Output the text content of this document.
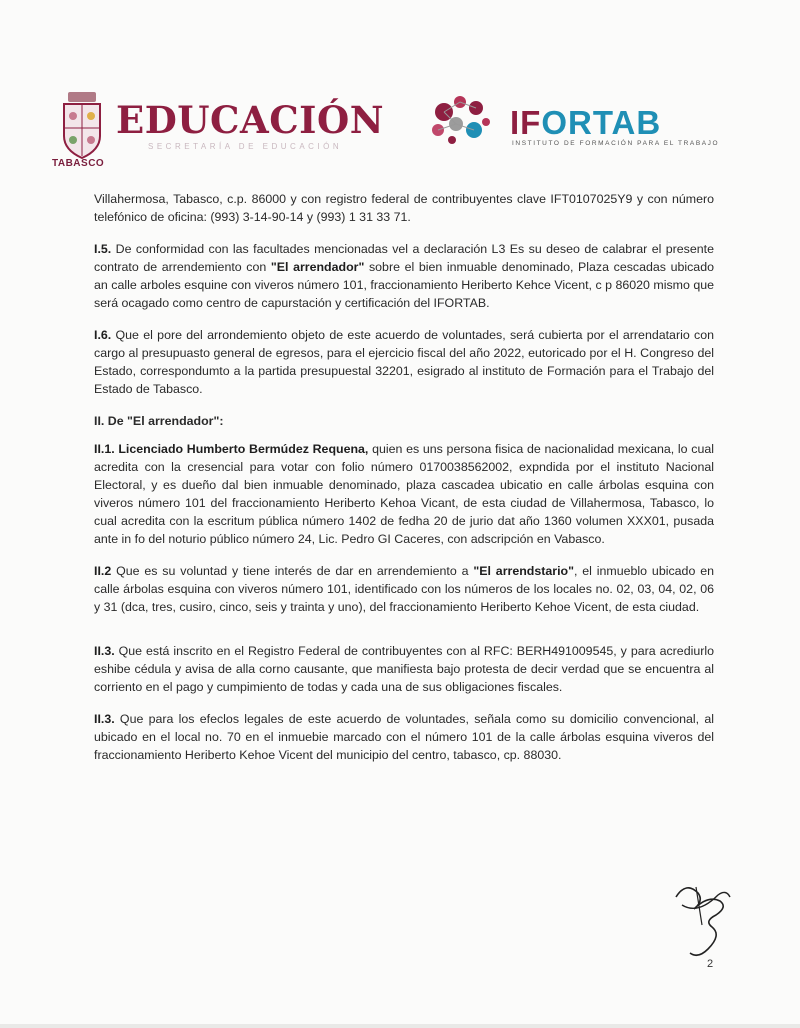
TABASCO
EDUCACIÓN
SECRETARÍA DE EDUCACIÓN
IFORTAB
INSTITUTO DE FORMACIÓN PARA EL TRABAJO

Villahermosa, Tabasco, c.p. 86000 y con registro federal de contribuyentes clave IFT0107025Y9 y con número telefónico de oficina: (993) 3-14-90-14 y (993) 1 31 33 71.

I.5. De conformidad con las facultades mencionadas vel a declaración L3 Es su deseo de calabrar el presente contrato de arrendemiento con "El arrendador" sobre el bien inmuable denominado, Plaza cescadas ubicado an calle arboles esquine con viveros número 101, fraccionamiento Heriberto Kehce Vicent, c p 86020 mismo que será ocagado como centro de capurstación y certificación del IFORTAB.

I.6. Que el pore del arrondemiento objeto de este acuerdo de voluntades, será cubierta por el arrendatario con cargo al presupuasto general de egresos, para el ejercicio fiscal del año 2022, eutoricado por el H. Congreso del Estado, correspondumto a la partida presupuestal 32201, esigrado al instituto de Formación para el Trabajo del Estado de Tabasco.

II. De "El arrendador":

II.1. Licenciado Humberto Bermúdez Requena, quien es uns persona fisica de nacionalidad mexicana, lo cual acredita con la cresencial para votar con folio número 0170038562002, expndida por el instituto Nacional Electoral, y es dueño dal bien inmuable denominado, plaza cascadea ubicatio en calle árbolas esquina con viveros número 101 del fraccionamiento Heriberto Kehoa Vicant, de esta ciudad de Villahermosa, Tabasco, lo cual acredita con la escritum pública número 1402 de fedha 20 de jurio dat año 1360 volumen XXX01, pusada ante in fo del noturio público número 24, Lic. Pedro GI Caceres, con adscripción en Vabasco.

II.2 Que es su voluntad y tiene interés de dar en arrendemiento a "El arrendstario", el inmueblo ubicado en calle árbolas esquina con viveros número 101, identificado con los números de los locales no. 02, 03, 04, 02, 06 y 31 (dca, tres, cusiro, cinco, seis y trainta y uno), del fraccionamiento Heriberto Kehoe Vicent, de esta ciudad.

II.3. Que está inscrito en el Registro Federal de contribuyentes con al RFC: BERH491009545, y para acrediurlo eshibe cédula y avisa de alla corno causante, que manifiesta bajo protesta de decir verdad que se encuentra al corriento en el pago y cumpimiento de todas y cada una de sus obligaciones fiscales.

II.3. Que para los efeclos legales de este acuerdo de voluntades, señala como su domicilio convencional, al ubicado en el local no. 70 en el inmuebie marcado con el número 101 de la calle árbolas esquina viveros del fraccionamiento Heriberto Kehoe Vicent del municipio del centro, tabasco, cp. 88030.

2
